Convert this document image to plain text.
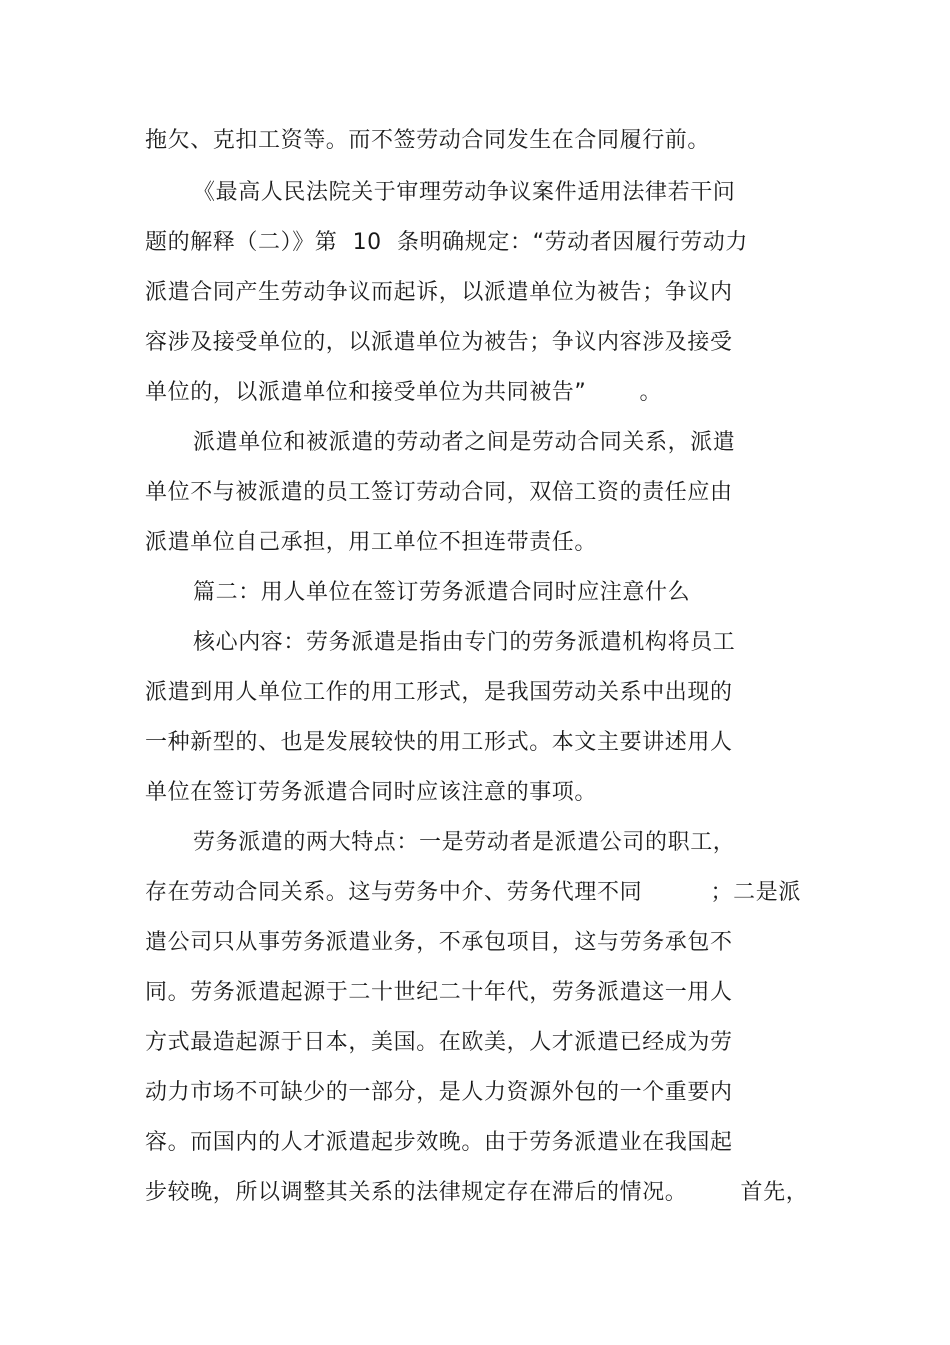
拖欠、克扣工资等。而不签劳动合同发生在合同履行前。
《最高人民法院关于审理劳动争议案件适用法律若干问
题的解释（二）》第  10  条明确规定：“劳动者因履行劳动力
派遣合同产生劳动争议而起诉，以派遣单位为被告；争议内
容涉及接受单位的，以派遣单位为被告；争议内容涉及接受
单位的，以派遣单位和接受单位为共同被告”       。
派遣单位和被派遣的劳动者之间是劳动合同关系，派遣
单位不与被派遣的员工签订劳动合同，双倍工资的责任应由
派遣单位自己承担，用工单位不担连带责任。
篇二：用人单位在签订劳务派遣合同时应注意什么
核心内容：劳务派遣是指由专门的劳务派遣机构将员工
派遣到用人单位工作的用工形式，是我国劳动关系中出现的
一种新型的、也是发展较快的用工形式。本文主要讲述用人
单位在签订劳务派遣合同时应该注意的事项。
劳务派遣的两大特点：一是劳动者是派遣公司的职工，
存在劳动合同关系。这与劳务中介、劳务代理不同         ；二是派
遣公司只从事劳务派遣业务，不承包项目，这与劳务承包不
同。劳务派遣起源于二十世纪二十年代，劳务派遣这一用人
方式最造起源于日本，美国。在欧美，人才派遣已经成为劳
动力市场不可缺少的一部分，是人力资源外包的一个重要内
容。而国内的人才派遣起步效晚。由于劳务派遣业在我国起
步较晚，所以调整其关系的法律规定存在滞后的情况。       首先，
